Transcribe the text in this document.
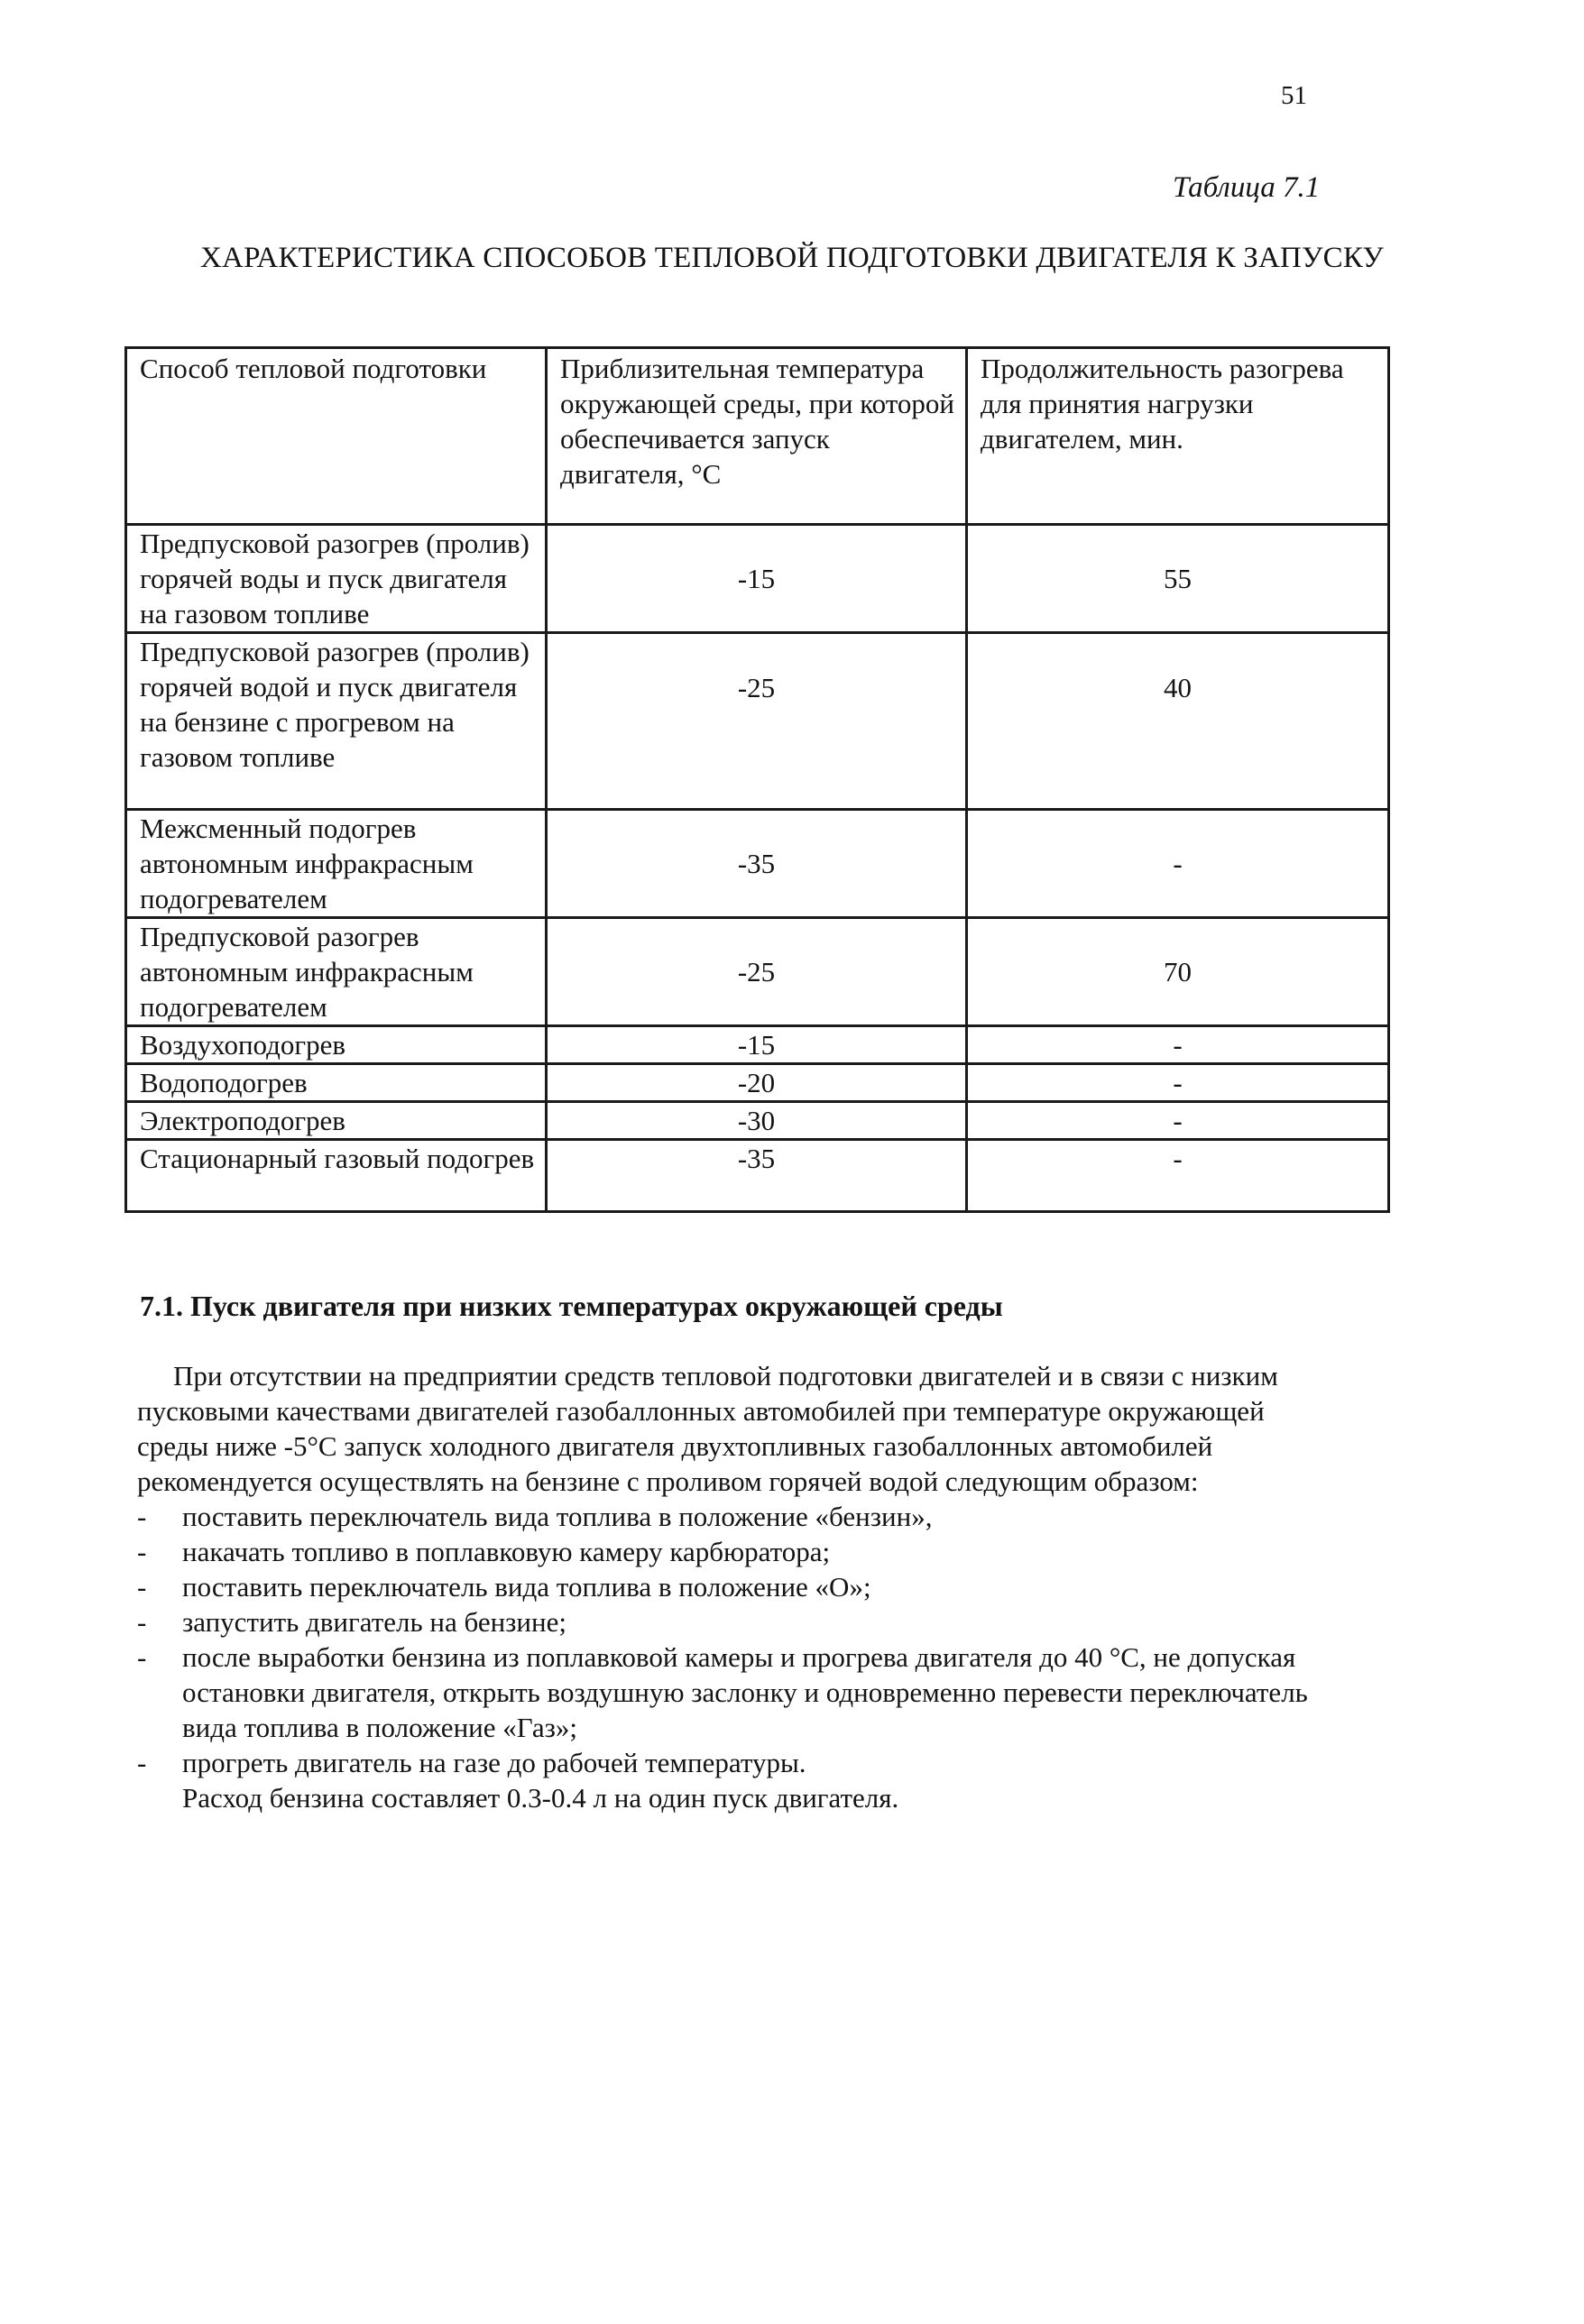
51
Таблица 7.1
ХАРАКТЕРИСТИКА СПОСОБОВ ТЕПЛОВОЙ ПОДГОТОВКИ ДВИГАТЕЛЯ К ЗАПУСКУ
Способ тепловой подготовки	Приблизительная температура окружающей среды, при которой обеспечивается запуск двигателя, °С	Продолжительность разогрева для принятия нагрузки двигателем, мин.
Предпусковой разогрев (пролив) горячей воды и пуск двигателя на газовом топливе	-15	55
Предпусковой разогрев (пролив) горячей водой и пуск двигателя на бензине с прогревом на газовом топливе	-25	40
Межсменный подогрев автономным инфракрасным подогревателем	-35	-
Предпусковой разогрев автономным инфракрасным подогревателем	-25	70
Воздухоподогрев	-15	-
Водоподогрев	-20	-
Электроподогрев	-30	-
Стационарный газовый подогрев	-35	-
7.1. Пуск двигателя при низких температурах окружающей среды

При отсутствии на предприятии средств тепловой подготовки двигателей и в связи с низким пусковыми качествами двигателей газобаллонных автомобилей при температуре окружающей среды ниже -5°С запуск холодного двигателя двухтопливных газобаллонных автомобилей рекомендуется осуществлять на бензине с проливом горячей водой следующим образом:

- поставить переключатель вида топлива в положение «бензин»,
- накачать топливо в поплавковую камеру карбюратора;
- поставить переключатель вида топлива в положение «О»;
- запустить двигатель на бензине;
- после выработки бензина из поплавковой камеры и прогрева двигателя до 40 °С, не допуская остановки двигателя, открыть воздушную заслонку и одновременно перевести переключатель вида топлива в положение «Газ»;
- прогреть двигатель на газе до рабочей температуры.
Расход бензина составляет 0.3-0.4 л на один пуск двигателя.
